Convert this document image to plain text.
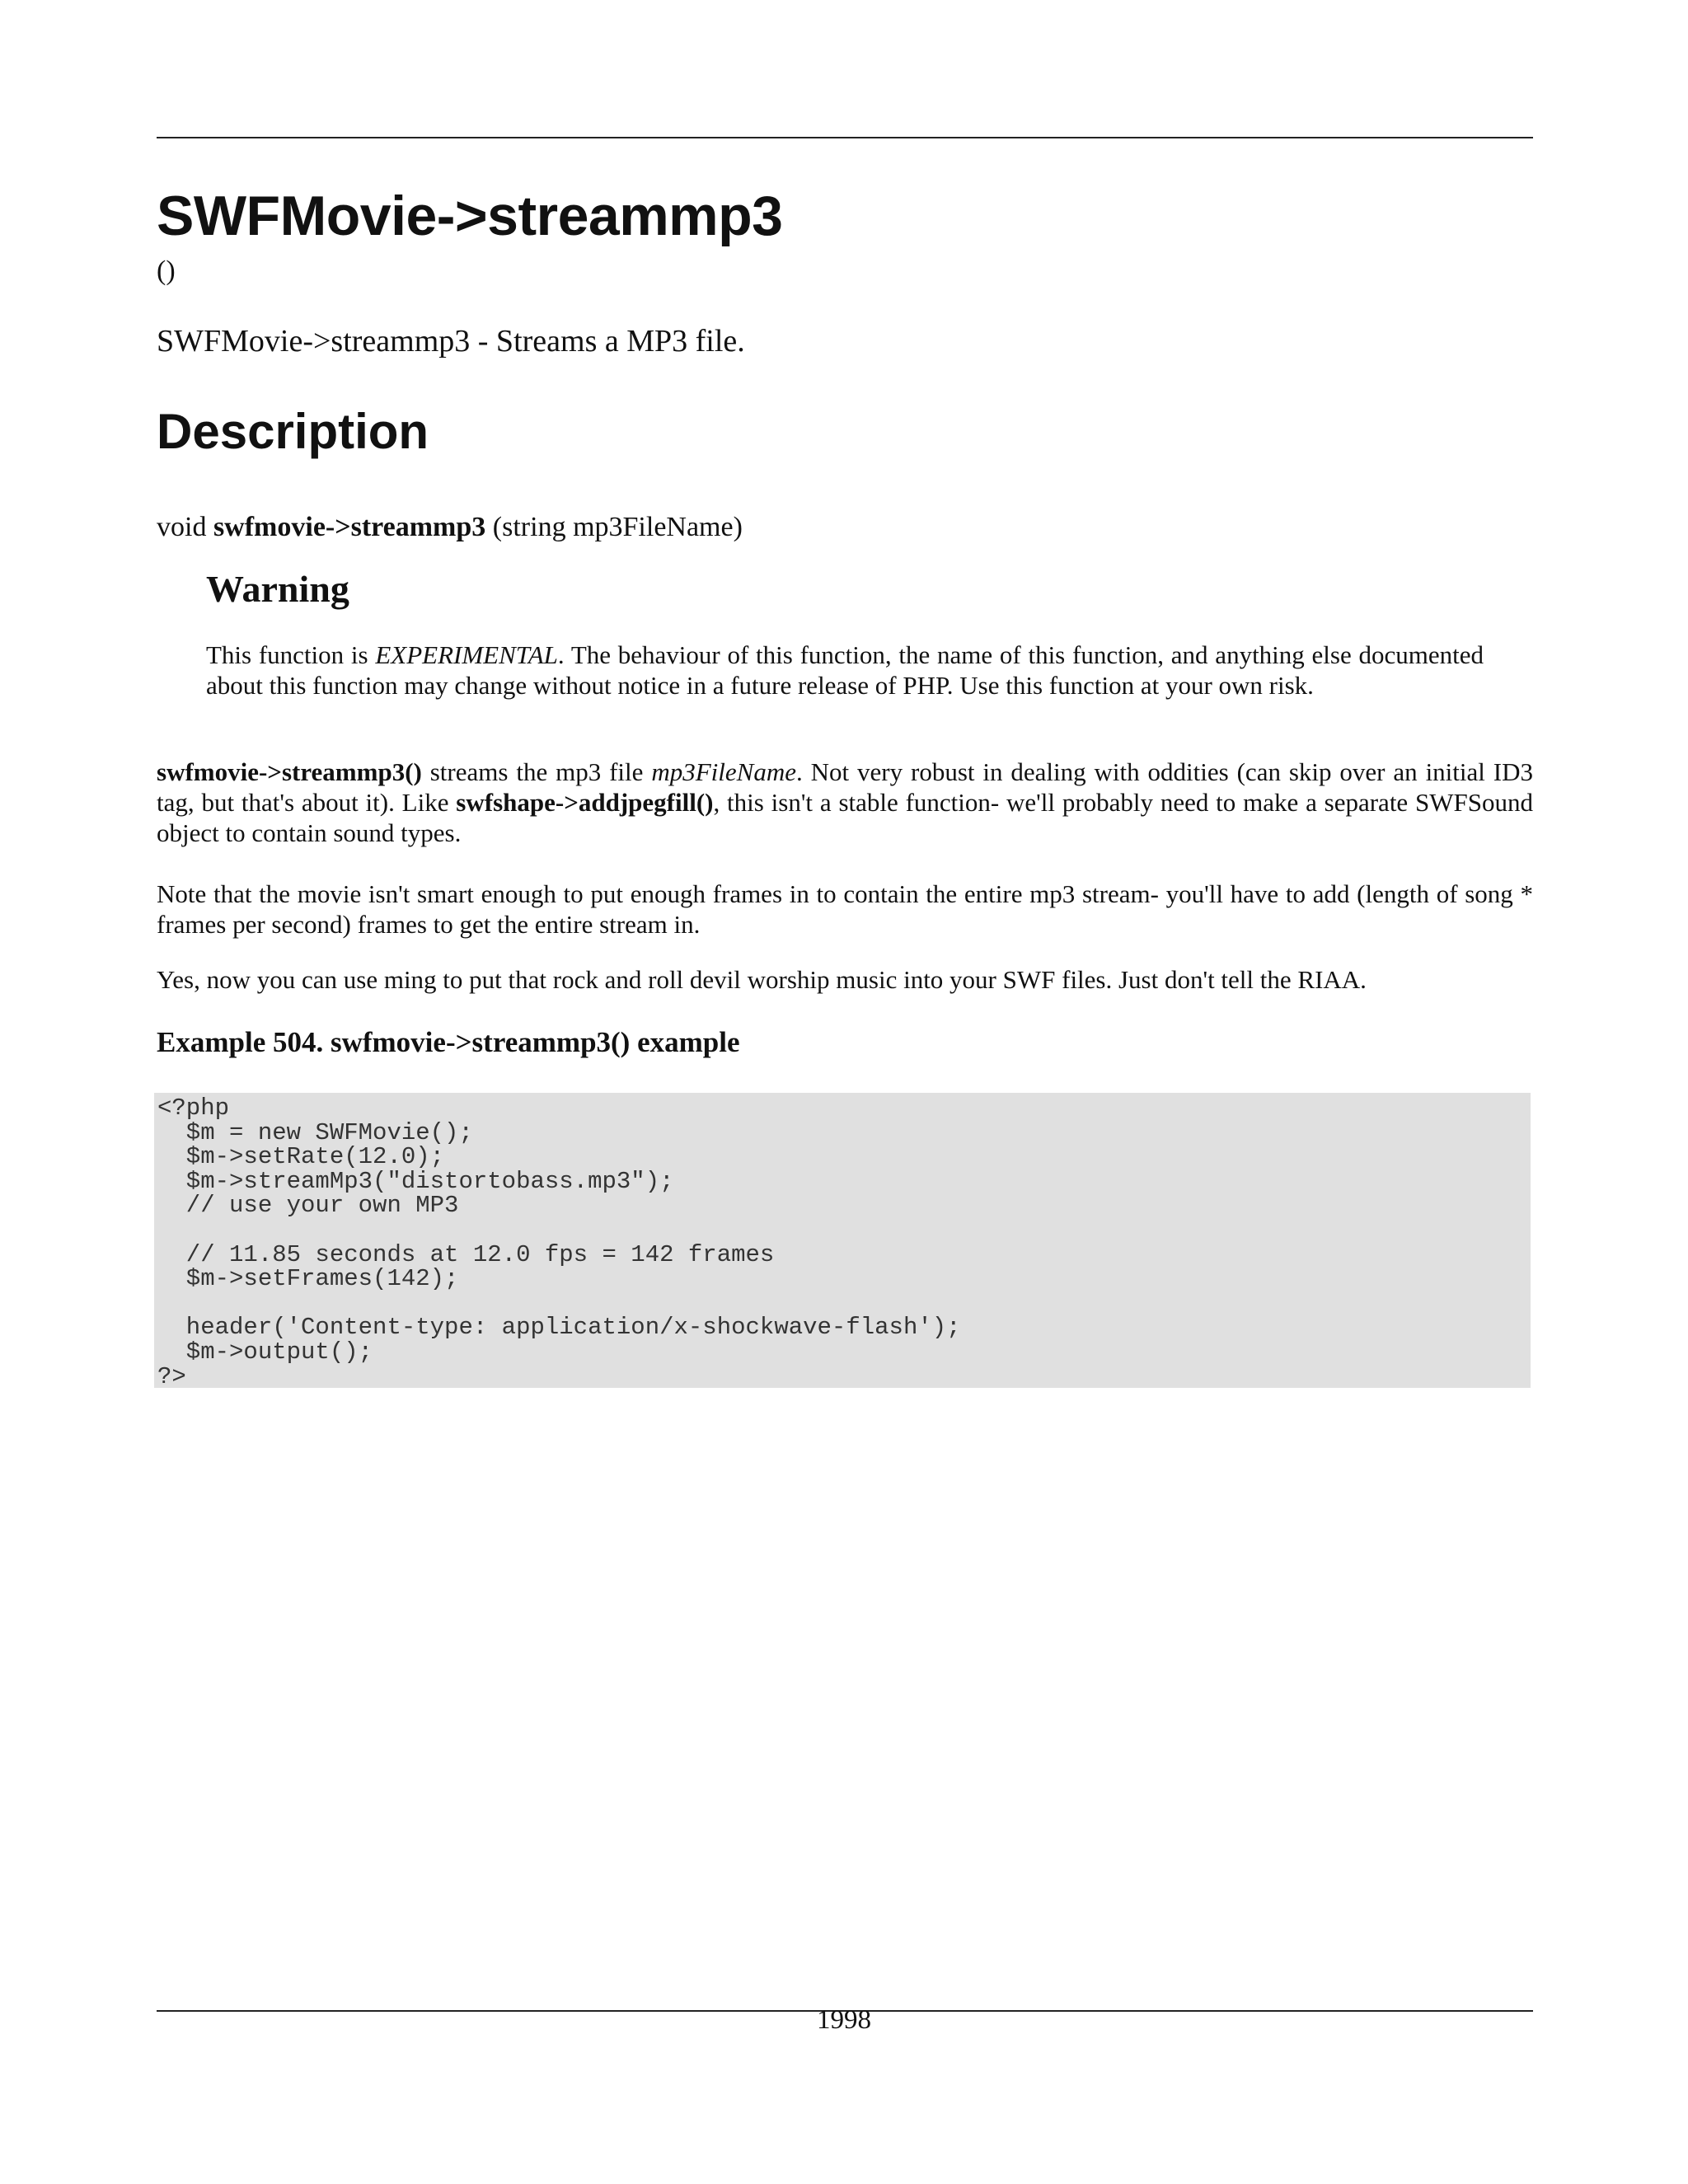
SWFMovie->streammp3
()

SWFMovie->streammp3 - Streams a MP3 file.

Description

void swfmovie->streammp3 (string mp3FileName)

Warning

This function is EXPERIMENTAL. The behaviour of this function, the name of this function, and anything else documented about this function may change without notice in a future release of PHP. Use this function at your own risk.

swfmovie->streammp3() streams the mp3 file mp3FileName. Not very robust in dealing with oddities (can skip over an initial ID3 tag, but that's about it). Like swfshape->addjpegfill(), this isn't a stable function- we'll probably need to make a separate SWFSound object to contain sound types.

Note that the movie isn't smart enough to put enough frames in to contain the entire mp3 stream- you'll have to add (length of song * frames per second) frames to get the entire stream in.

Yes, now you can use ming to put that rock and roll devil worship music into your SWF files. Just don't tell the RIAA.

Example 504. swfmovie->streammp3() example

<?php
$m = new SWFMovie();
$m->setRate(12.0);
$m->streamMp3("distortobass.mp3");
// use your own MP3

// 11.85 seconds at 12.0 fps = 142 frames
$m->setFrames(142);

header('Content-type: application/x-shockwave-flash');
$m->output();
?>
1998
